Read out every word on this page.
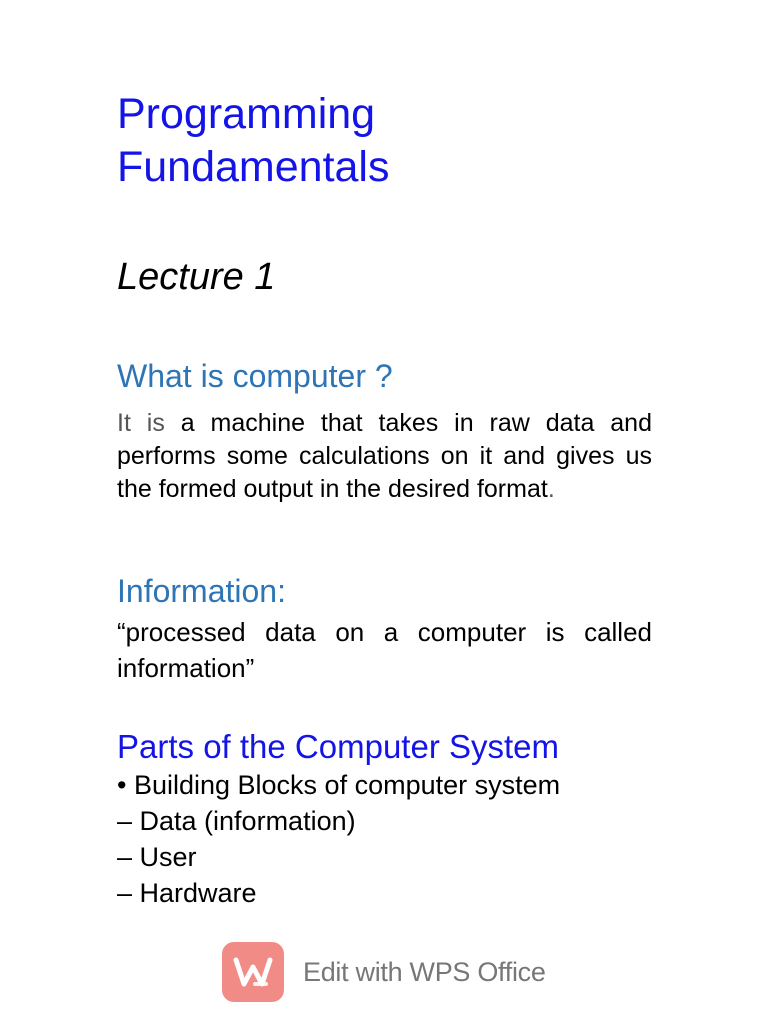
Programming
Fundamentals
Lecture 1
What is computer ?

It is a machine that takes in raw data and performs some calculations on it and gives us the formed output in the desired format.

Information:

“processed data on a computer is called information”

Parts of the Computer System
• Building Blocks of computer system
– Data (information)
– User
– Hardware
Edit with WPS Office
